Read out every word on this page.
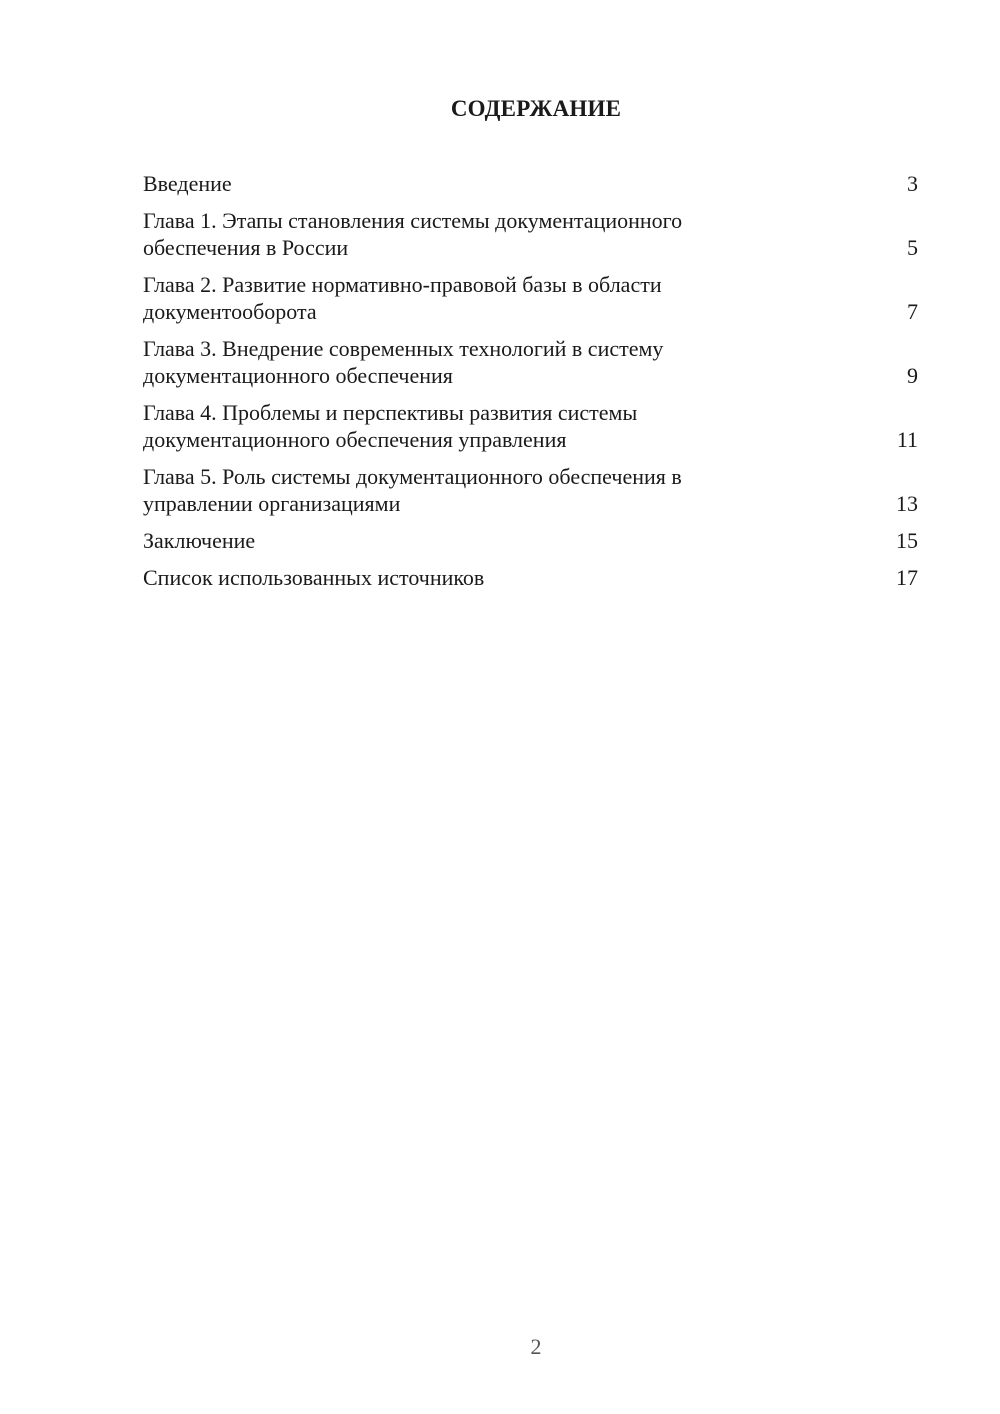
СОДЕРЖАНИЕ
Введение	3
Глава 1. Этапы становления системы документационного обеспечения в России	5
Глава 2. Развитие нормативно-правовой базы в области документооборота	7
Глава 3. Внедрение современных технологий в систему документационного обеспечения	9
Глава 4. Проблемы и перспективы развития системы документационного обеспечения управления	11
Глава 5. Роль системы документационного обеспечения в управлении организациями	13
Заключение	15
Список использованных источников	17
2
